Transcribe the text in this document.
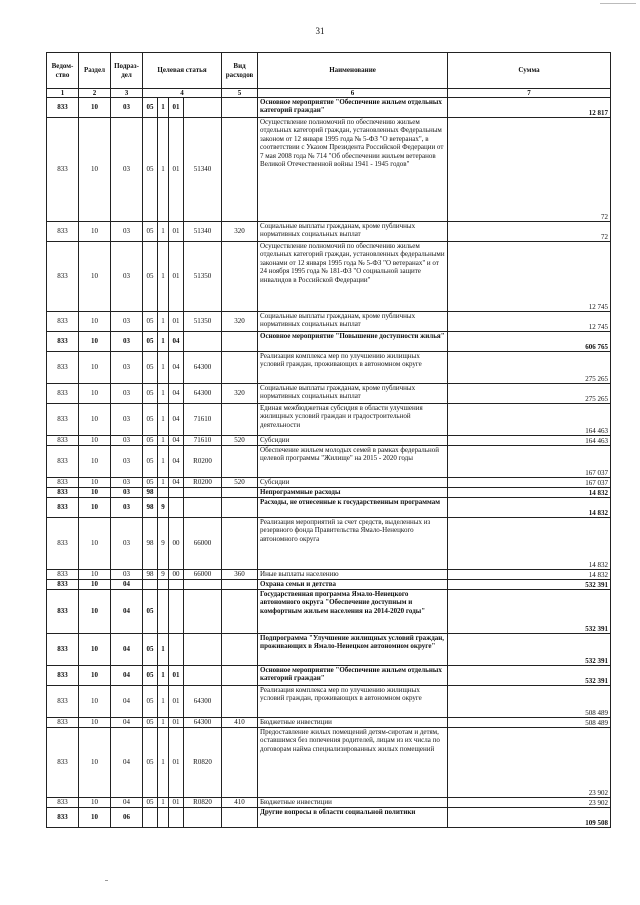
31
Ведом-ство	Раздел	Подраз-дел	Целевая статья				Вид расходов	Наименование	Сумма
1	2	3	4				5	6	7
833	10	03	05	1	01			Основное мероприятие "Обеспечение жильем отдельных категорий граждан"	12 817
833	10	03	05	1	01	51340		Осуществление полномочий по обеспечению жильем отдельных категорий граждан, установленных Федеральным законом от 12 января 1995 года № 5-ФЗ "О ветеранах", в соответствии с Указом Президента Российской Федерации от 7 мая 2008 года № 714 "Об обеспечении жильем ветеранов Великой Отечественной войны 1941 - 1945 годов"	72
833	10	03	05	1	01	51340	320	Социальные выплаты гражданам, кроме публичных нормативных социальных выплат	72
833	10	03	05	1	01	51350		Осуществление полномочий по обеспечению жильем отдельных категорий граждан, установленных федеральными законами от 12 января 1995 года № 5-ФЗ "О ветеранах" и от 24 ноября 1995 года № 181-ФЗ "О социальной защите инвалидов в Российской Федерации"	12 745
833	10	03	05	1	01	51350	320	Социальные выплаты гражданам, кроме публичных нормативных социальных выплат	12 745
833	10	03	05	1	04			Основное мероприятие "Повышение доступности жилья"	606 765
833	10	03	05	1	04	64300		Реализация комплекса мер по улучшению жилищных условий граждан, проживающих в автономном округе	275 265
833	10	03	05	1	04	64300	320	Социальные выплаты гражданам, кроме публичных нормативных социальных выплат	275 265
833	10	03	05	1	04	71610		Единая межбюджетная субсидия в области улучшения жилищных условий граждан и градостроительной деятельности	164 463
833	10	03	05	1	04	71610	520	Субсидии	164 463
833	10	03	05	1	04	R0200		Обеспечение жильем молодых семей в рамках федеральной целевой программы "Жилище" на 2015 - 2020 годы	167 037
833	10	03	05	1	04	R0200	520	Субсидии	167 037
833	10	03	98					Непрограммные расходы	14 832
833	10	03	98	9				Расходы, не отнесенные к государственным программам	14 832
833	10	03	98	9	00	66000		Реализация мероприятий за счет средств, выделенных из резервного фонда Правительства Ямало-Ненецкого автономного округа	14 832
833	10	03	98	9	00	66000	360	Иные выплаты населению	14 832
833	10	04						Охрана семьи и детства	532 391
833	10	04	05					Государственная программа Ямало-Ненецкого автономного округа "Обеспечение доступным и комфортным жильем населения на 2014-2020 годы"	532 391
833	10	04	05	1				Подпрограмма "Улучшение жилищных условий граждан, проживающих в Ямало-Ненецком автономном округе"	532 391
833	10	04	05	1	01			Основное мероприятие "Обеспечение жильем отдельных категорий граждан"	532 391
833	10	04	05	1	01	64300		Реализация комплекса мер по улучшению жилищных условий граждан, проживающих в автономном округе	508 489
833	10	04	05	1	01	64300	410	Бюджетные инвестиции	508 489
833	10	04	05	1	01	R0820		Предоставление жилых помещений детям-сиротам и детям, оставшимся без попечения родителей, лицам из их числа по договорам найма специализированных жилых помещений	23 902
833	10	04	05	1	01	R0820	410	Бюджетные инвестиции	23 902
833	10	06						Другие вопросы в области социальной политики	109 508
